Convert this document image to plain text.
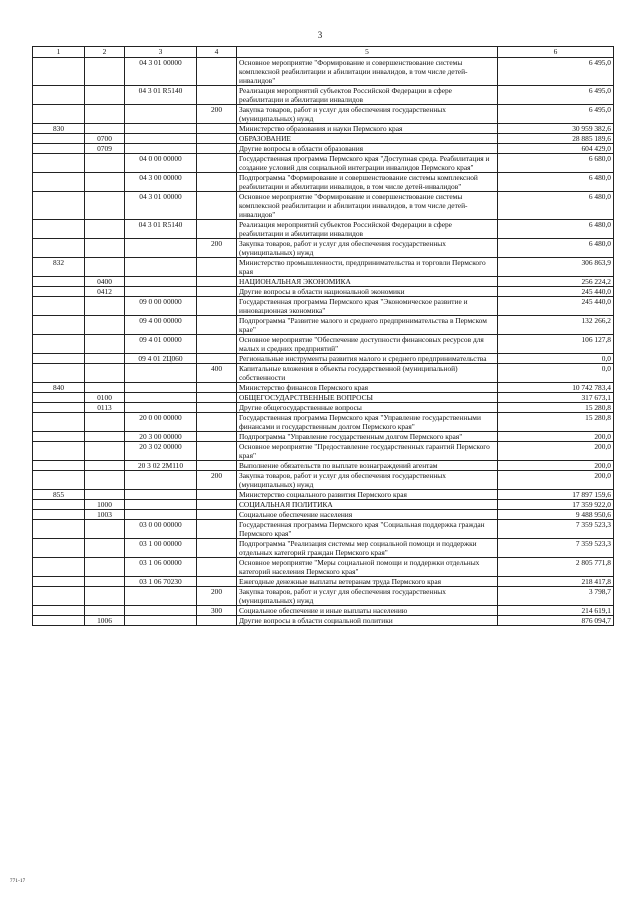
3
1	2	3	4	5	6
		04 3 01 00000		Основное мероприятие "Формирование и совершенствование системы комплексной реабилитации и абилитации инвалидов, в том числе детей-инвалидов"	6 495,0
		04 3 01 R5140		Реализация мероприятий субъектов Российской Федерации в сфере реабилитации и абилитации инвалидов	6 495,0
			200	Закупка товаров, работ и услуг для обеспечения государственных (муниципальных) нужд	6 495,0
830				Министерство образования и науки Пермского края	30 959 382,6
	0700			ОБРАЗОВАНИЕ	28 885 189,6
	0709			Другие вопросы в области образования	604 429,0
		04 0 00 00000		Государственная программа Пермского края "Доступная среда. Реабилитация и создание условий для социальной интеграции инвалидов Пермского края"	6 680,0
		04 3 00 00000		Подпрограмма "Формирование и совершенствование системы комплексной реабилитации и абилитации инвалидов, в том числе детей-инвалидов"	6 480,0
		04 3 01 00000		Основное мероприятие "Формирование и совершенствование системы комплексной реабилитации и абилитации инвалидов, в том числе детей-инвалидов"	6 480,0
		04 3 01 R5140		Реализация мероприятий субъектов Российской Федерации в сфере реабилитации и абилитации инвалидов	6 480,0
			200	Закупка товаров, работ и услуг для обеспечения государственных (муниципальных) нужд	6 480,0
832				Министерство промышленности, предпринимательства и торговли Пермского края	306 863,9
	0400			НАЦИОНАЛЬНАЯ ЭКОНОМИКА	256 224,2
	0412			Другие вопросы в области национальной экономики	245 440,0
		09 0 00 00000		Государственная программа Пермского края "Экономическое развитие и инновационная экономика"	245 440,0
		09 4 00 00000		Подпрограмма "Развитие малого и среднего предпринимательства в Пермском крае"	132 266,2
		09 4 01 00000		Основное мероприятие "Обеспечение доступности финансовых ресурсов для малых и средних предприятий"	106 127,8
		09 4 01 2Ц060		Региональные инструменты развития малого и среднего предпринимательства	0,0
			400	Капитальные вложения в объекты государственной (муниципальной) собственности	0,0
840				Министерство финансов Пермского края	10 742 783,4
	0100			ОБЩЕГОСУДАРСТВЕННЫЕ ВОПРОСЫ	317 673,1
	0113			Другие общегосударственные вопросы	15 280,8
		20 0 00 00000		Государственная программа Пермского края "Управление государственными финансами и государственным долгом Пермского края"	15 280,8
		20 3 00 00000		Подпрограмма "Управление государственным долгом Пермского края"	200,0
		20 3 02 00000		Основное мероприятие "Предоставление государственных гарантий Пермского края"	200,0
		20 3 02 2М110		Выполнение обязательств по выплате вознаграждений агентам	200,0
			200	Закупка товаров, работ и услуг для обеспечения государственных (муниципальных) нужд	200,0
855				Министерство социального развития Пермского края	17 897 159,6
	1000			СОЦИАЛЬНАЯ ПОЛИТИКА	17 359 922,0
	1003			Социальное обеспечение населения	9 488 950,6
		03 0 00 00000		Государственная программа Пермского края "Социальная поддержка граждан Пермского края"	7 359 523,3
		03 1 00 00000		Подпрограмма "Реализация системы мер социальной помощи и поддержки отдельных категорий граждан Пермского края"	7 359 523,3
		03 1 06 00000		Основное мероприятие "Меры социальной помощи и поддержки отдельных категорий населения Пермского края"	2 805 771,8
		03 1 06 70230		Ежегодные денежные выплаты ветеранам труда Пермского края	218 417,8
			200	Закупка товаров, работ и услуг для обеспечения государственных (муниципальных) нужд	3 798,7
			300	Социальное обеспечение и иные выплаты населению	214 619,1
	1006			Другие вопросы в области социальной политики	876 094,7
771-17
